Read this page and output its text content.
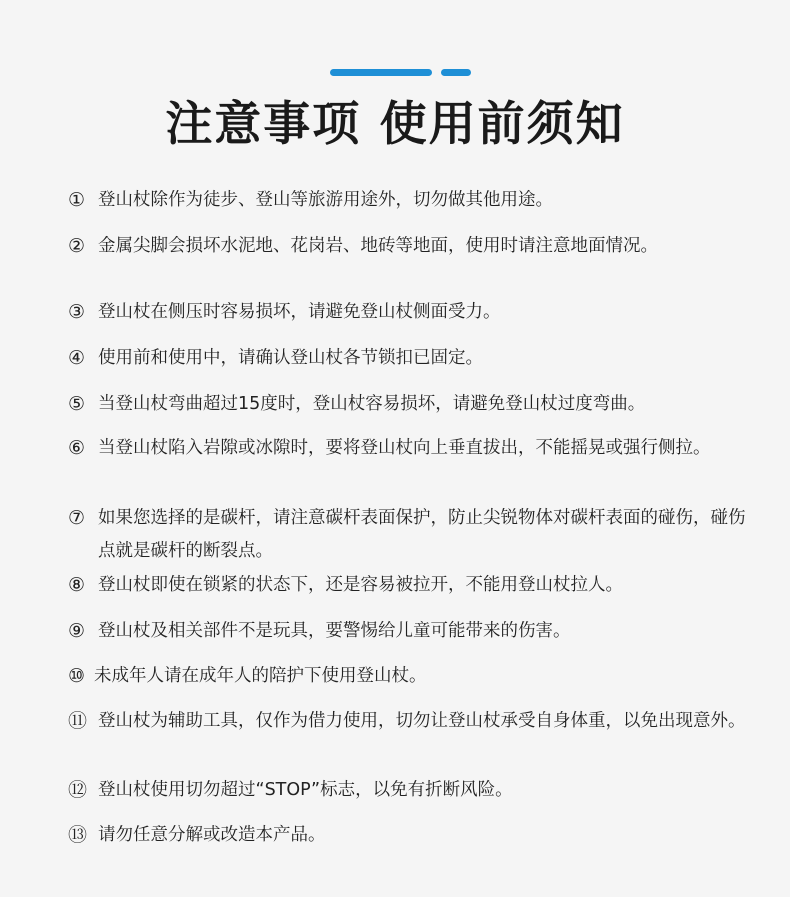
注意事项 使用前须知
① 登山杖除作为徒步、登山等旅游用途外，切勿做其他用途。
② 金属尖脚会损坏水泥地、花岗岩、地砖等地面，使用时请注意地面情况。
③ 登山杖在侧压时容易损坏，请避免登山杖侧面受力。
④ 使用前和使用中，请确认登山杖各节锁扣已固定。
⑤ 当登山杖弯曲超过15度时，登山杖容易损坏，请避免登山杖过度弯曲。
⑥ 当登山杖陷入岩隙或冰隙时，要将登山杖向上垂直拔出，不能摇晃或强行侧拉。
⑦ 如果您选择的是碳杆，请注意碳杆表面保护，防止尖锐物体对碳杆表面的碰伤，碰伤点就是碳杆的断裂点。
⑧ 登山杖即使在锁紧的状态下，还是容易被拉开，不能用登山杖拉人。
⑨ 登山杖及相关部件不是玩具，要警惕给儿童可能带来的伤害。
⑩ 未成年人请在成年人的陪护下使用登山杖。
⑪ 登山杖为辅助工具，仅作为借力使用，切勿让登山杖承受自身体重，以免出现意外。
⑫ 登山杖使用切勿超过“STOP”标志，以免有折断风险。
⑬ 请勿任意分解或改造本产品。
